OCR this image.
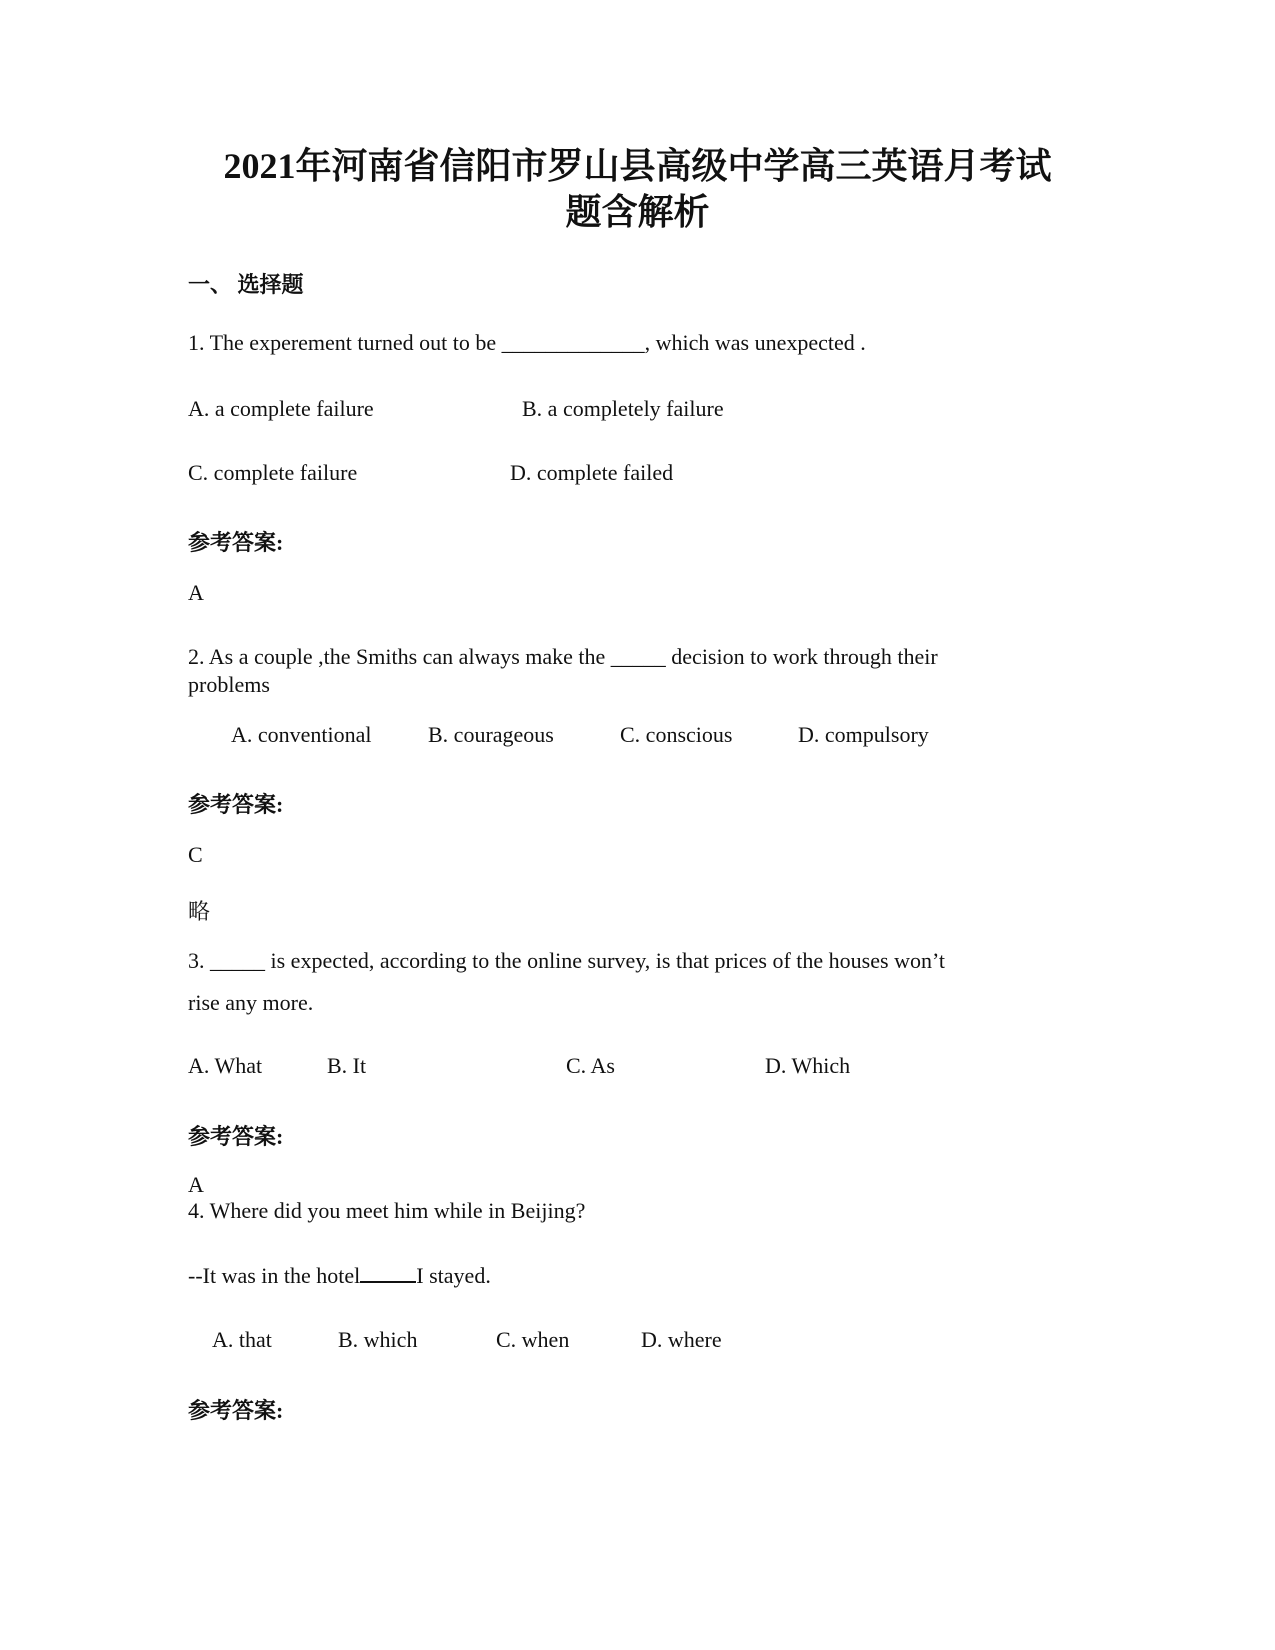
2021年河南省信阳市罗山县高级中学高三英语月考试
题含解析
一、 选择题
1. The experement turned out to be _____________, which was unexpected .
A. a complete failure	B. a completely failure
C. complete failure	D. complete failed
参考答案:
A
2. As a couple ,the Smiths can always make the _____ decision to work through their
problems
A. conventional	B. courageous	C. conscious	D. compulsory
参考答案:
C
略
3. _____ is expected, according to the online survey, is that prices of the houses won’t
rise any more.
A. What	B. It	C. As	D. Which
参考答案:
A
4. Where did you meet him while in Beijing?
--It was in the hotel	I stayed.
A. that	B. which	C. when	D. where
参考答案:
